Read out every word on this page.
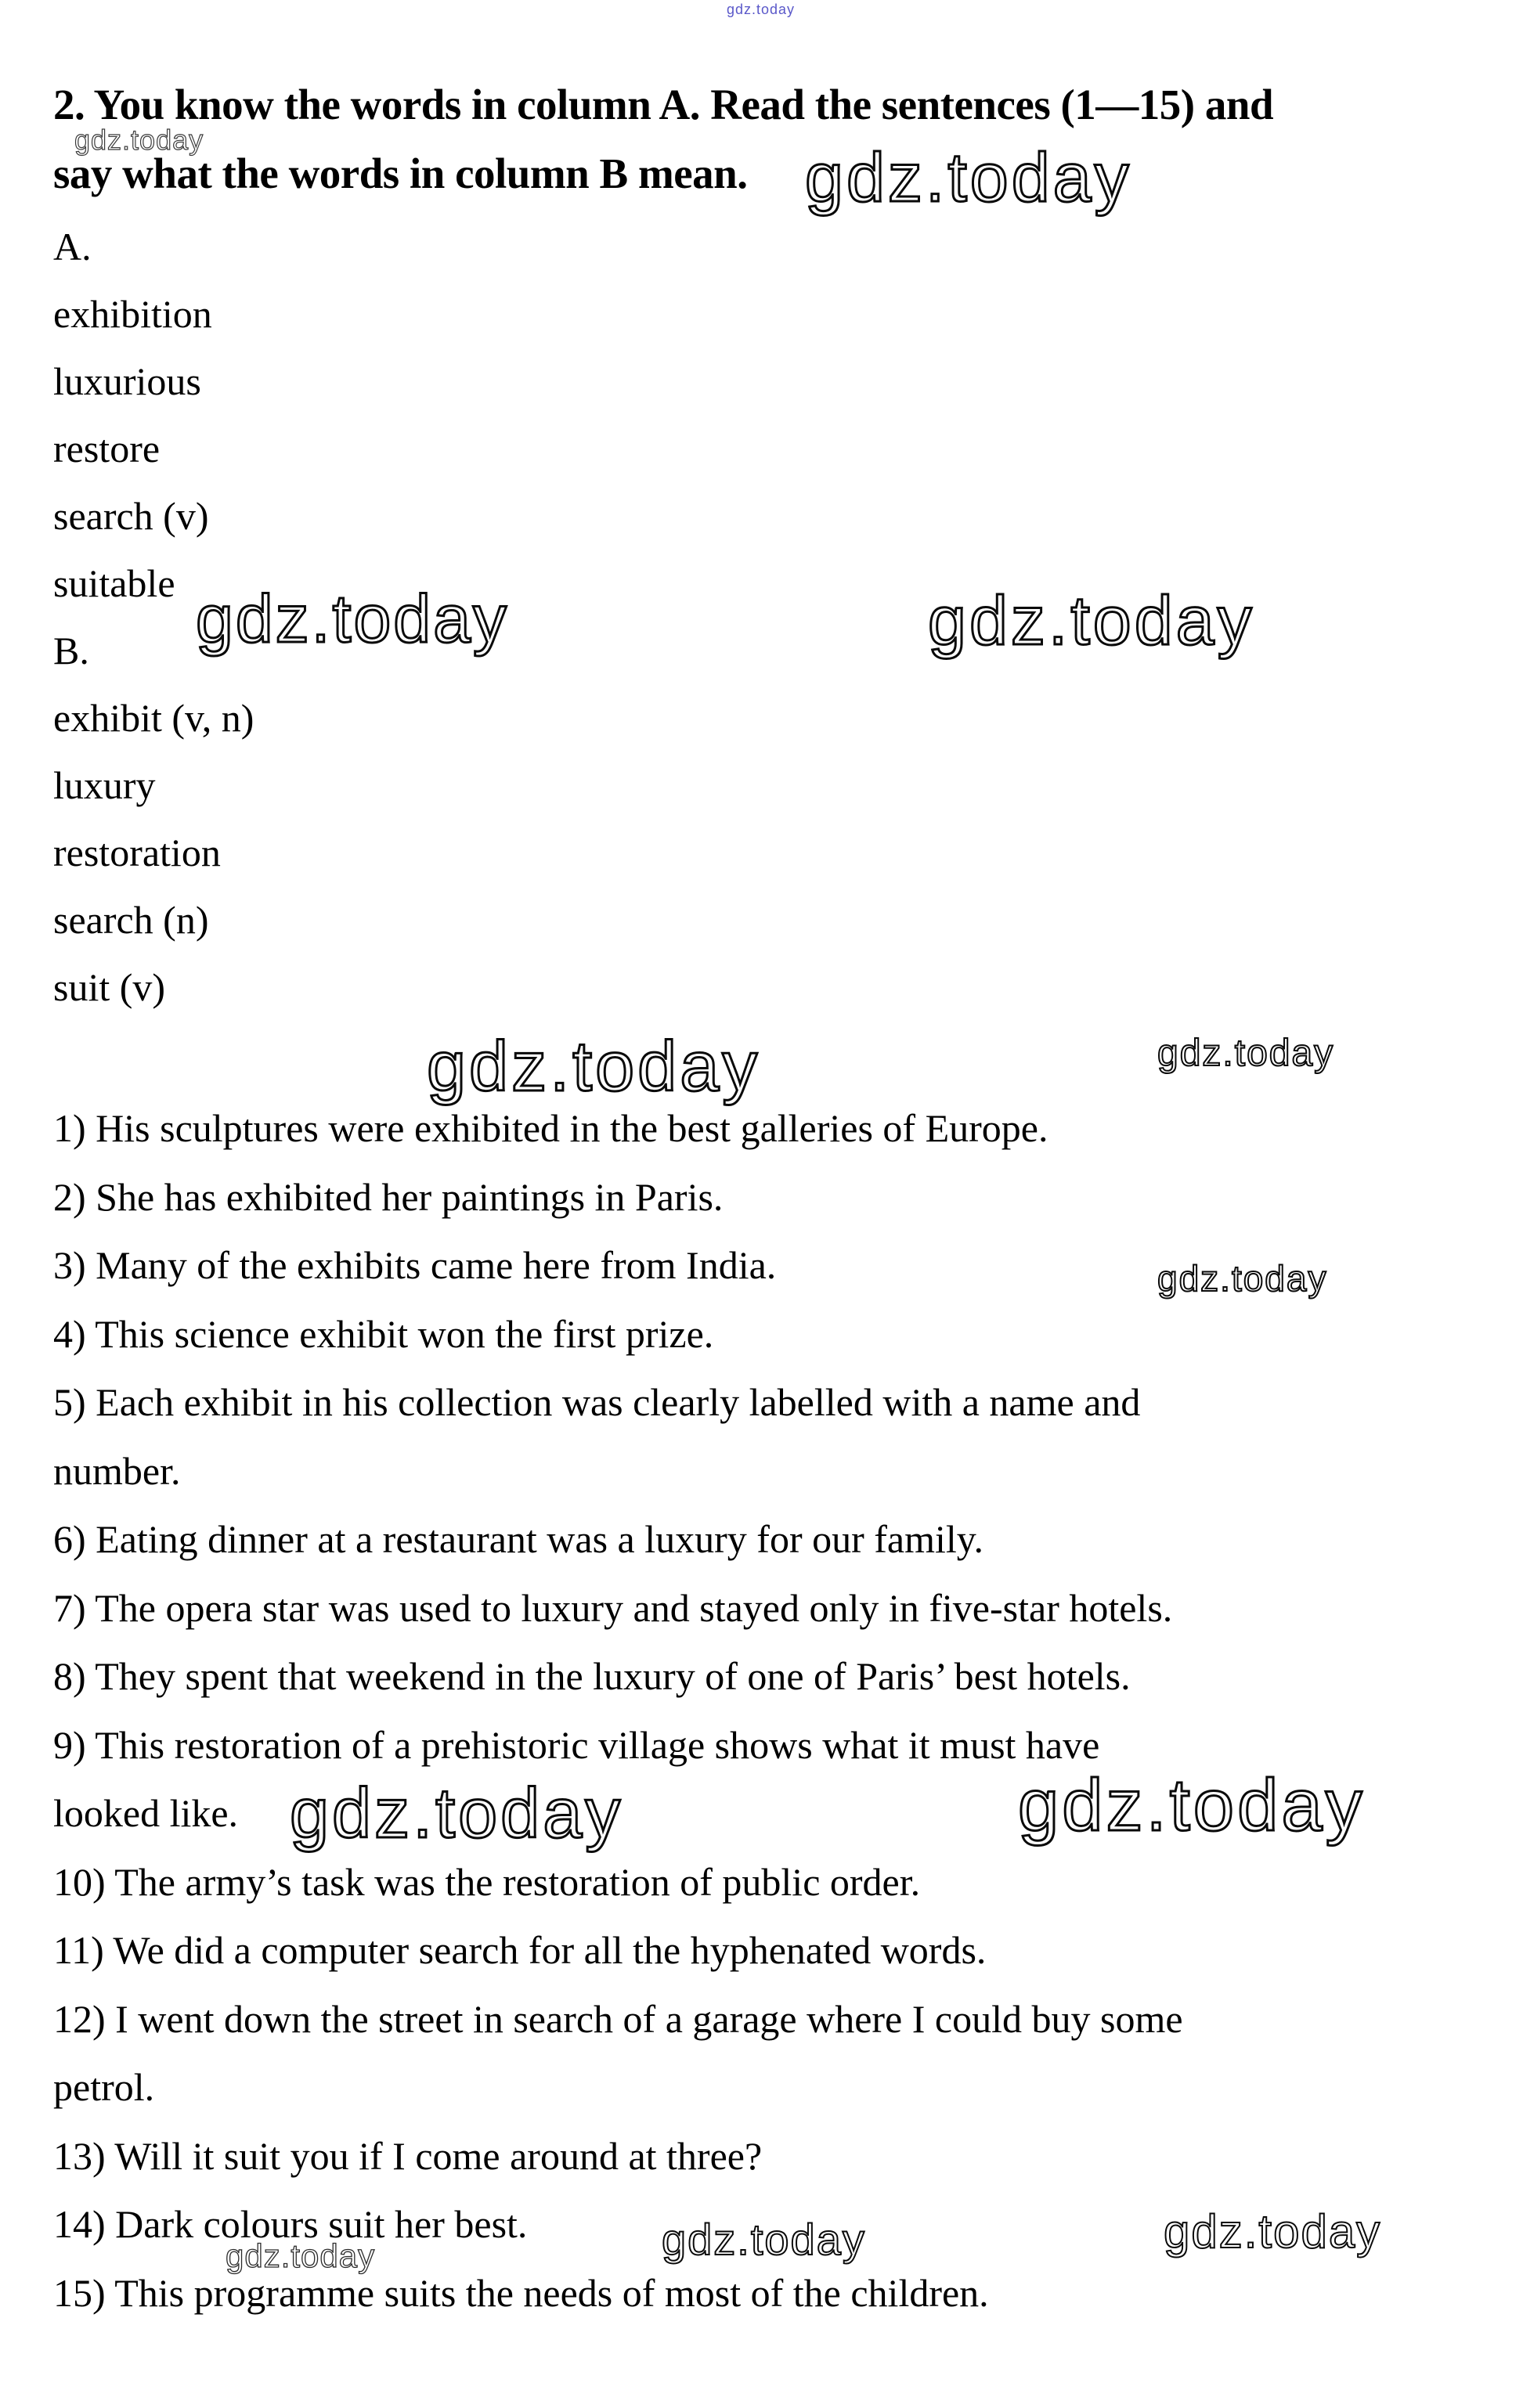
gdz.today
gdz.today	gdz.today
gdz.today	gdz.today
gdz.today	gdz.today
gdz.today
gdz.today	gdz.today
gdz.today	gdz.today	gdz.today
2. You know the words in column A. Read the sentences (1—15) and
say what the words in column B mean.
A.
exhibition
luxurious
restore
search (v)
suitable
B.
exhibit (v, n)
luxury
restoration
search (n)
suit (v)
1) His sculptures were exhibited in the best galleries of Europe.
2) She has exhibited her paintings in Paris.
3) Many of the exhibits came here from India.
4) This science exhibit won the first prize.
5) Each exhibit in his collection was clearly labelled with a name and
number.
6) Eating dinner at a restaurant was a luxury for our family.
7) The opera star was used to luxury and stayed only in five-star hotels.
8) They spent that weekend in the luxury of one of Paris’ best hotels.
9) This restoration of a prehistoric village shows what it must have
looked like.
10) The army’s task was the restoration of public order.
11) We did a computer search for all the hyphenated words.
12) I went down the street in search of a garage where I could buy some
petrol.
13) Will it suit you if I come around at three?
14) Dark colours suit her best.
15) This programme suits the needs of most of the children.
